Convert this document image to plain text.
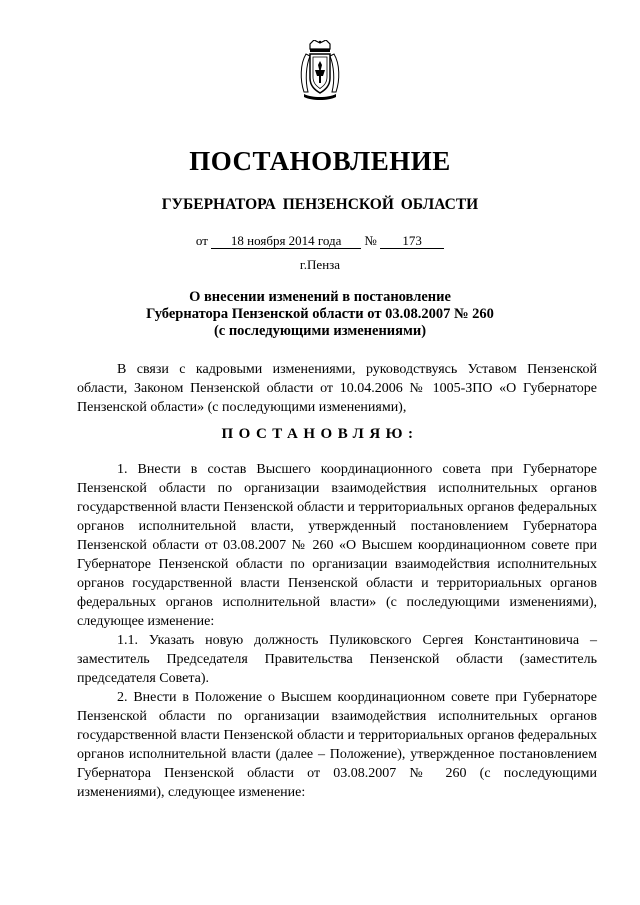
ПОСТАНОВЛЕНИЕ
ГУБЕРНАТОРА ПЕНЗЕНСКОЙ ОБЛАСТИ
от 18 ноября 2014 года № 173
г.Пенза
О внесении изменений в постановление
Губернатора Пензенской области от 03.08.2007 № 260
(с последующими изменениями)

В связи с кадровыми изменениями, руководствуясь Уставом Пензенской области, Законом Пензенской области от 10.04.2006 № 1005-ЗПО «О Губернаторе Пензенской области» (с последующими изменениями),

ПОСТАНОВЛЯЮ:

1. Внести в состав Высшего координационного совета при Губернаторе Пензенской области по организации взаимодействия исполнительных органов государственной власти Пензенской области и территориальных органов федеральных органов исполнительной власти, утвержденный постановлением Губернатора Пензенской области от 03.08.2007 № 260 «О Высшем координационном совете при Губернаторе Пензенской области по организации взаимодействия исполнительных органов государственной власти Пензенской области и территориальных органов федеральных органов исполнительной власти» (с последующими изменениями), следующее изменение:

1.1. Указать новую должность Пуликовского Сергея Константиновича – заместитель Председателя Правительства Пензенской области (заместитель председателя Совета).

2. Внести в Положение о Высшем координационном совете при Губернаторе Пензенской области по организации взаимодействия исполнительных органов государственной власти Пензенской области и территориальных органов федеральных органов исполнительной власти (далее – Положение), утвержденное постановлением Губернатора Пензенской области от 03.08.2007 № 260 (с последующими изменениями), следующее изменение:
